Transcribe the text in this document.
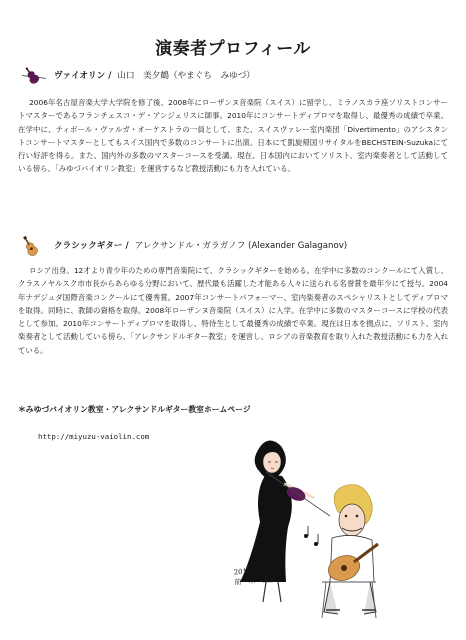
演奏者プロフィール
ヴァイオリン / 山口　美夕鶴 （やまぐち　みゆづ）

2006年名古屋音楽大学大学院を修了後、2008年にローザンヌ音楽院（スイス）に留学し、ミラノスカラ座ソリストコンサートマスターであるフランチェスコ・デ・アンジェリスに師事。2010年にコンサートディプロマを取得し、最優秀の成績で卒業。在学中に、ティボール・ヴァルガ・オーケストラの一員として、また、スイスヴァレー室内楽団「Divertimento」のアシスタントコンサートマスターとしてもスイス国内で多数のコンサートに出演。日本にて凱旋帰国リサイタルをBECHSTEIN-Suzukaにて行い好評を得る。また、国内外の多数のマスターコースを受講。現在、日本国内においてソリスト、室内楽奏者として活動して　いる傍ら、「みゆづバイオリン教室」を運営するなど教授活動にも力を入れている。

クラシックギター / アレクサンドル・ガラガノフ (Alexander Galaganov)

ロシア出身。12才より青少年のための専門音楽院にて、クラシックギターを始める。在学中に多数のコンクールにて入賞し、クラスノヤルスク市市長からあらゆる分野において、歴代最も活躍した才能ある人々に送られる名誉賞を最年少にて授与。2004年ナデジュダ国際音楽コンクールにて優秀賞。2007年コンサートパフォーマー、室内楽奏者のスペシャリストとしてディプロマを取得。同時に、教師の資格を取得。2008年ローザンヌ音楽院（スイス）に入学。在学中に多数のマスターコースに学校の代表として参加。2010年コンサートディプロマを取得し、特待生として最優秀の成績で卒業。現在は日本を拠点に、ソリスト、室内楽奏者として活動している傍ら、「アレクサンドルギター教室」を運営し、ロシアの音楽教育を取り入れた教授活動にも力を入れている。

＊みゆづバイオリン教室・アレクサンドルギター教室ホームページ
http://miyuzu-vaiolin.com
2012　7.28
前　木　富霊
